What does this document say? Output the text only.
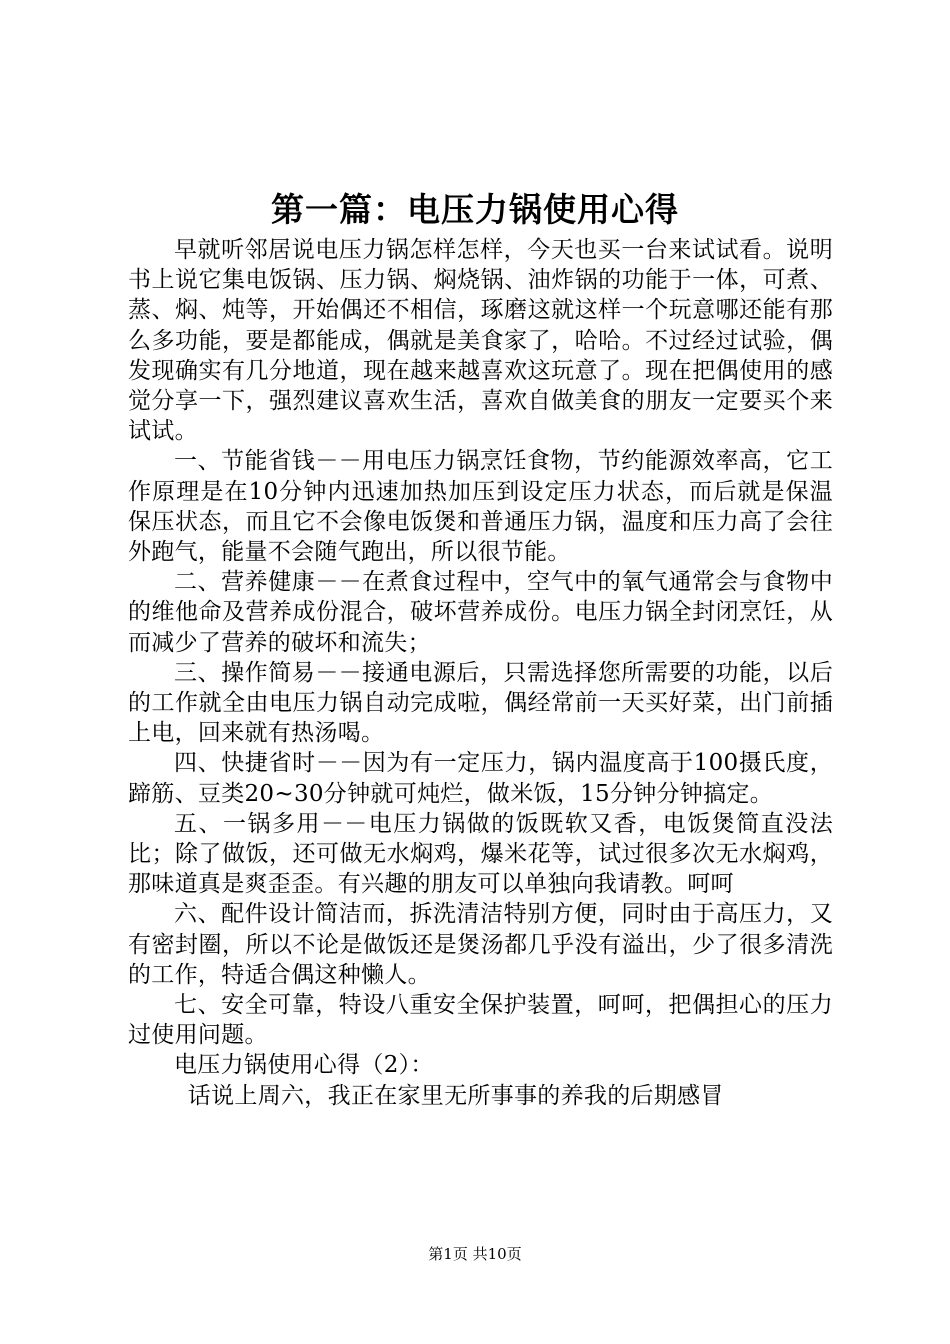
第一篇：电压力锅使用心得

早就听邻居说电压力锅怎样怎样，今天也买一台来试试看。说明书上说它集电饭锅、压力锅、焖烧锅、油炸锅的功能于一体，可煮、蒸、焖、炖等，开始偶还不相信，琢磨这就这样一个玩意哪还能有那么多功能，要是都能成，偶就是美食家了，哈哈。不过经过试验，偶发现确实有几分地道，现在越来越喜欢这玩意了。现在把偶使用的感觉分享一下，强烈建议喜欢生活，喜欢自做美食的朋友一定要买个来试试。

一、节能省钱－－用电压力锅烹饪食物，节约能源效率高，它工作原理是在10分钟内迅速加热加压到设定压力状态，而后就是保温保压状态，而且它不会像电饭煲和普通压力锅，温度和压力高了会往外跑气，能量不会随气跑出，所以很节能。

二、营养健康－－在煮食过程中，空气中的氧气通常会与食物中的维他命及营养成份混合，破坏营养成份。电压力锅全封闭烹饪，从而减少了营养的破坏和流失；

三、操作简易－－接通电源后，只需选择您所需要的功能，以后的工作就全由电压力锅自动完成啦，偶经常前一天买好菜，出门前插上电，回来就有热汤喝。

四、快捷省时－－因为有一定压力，锅内温度高于100摄氏度，蹄筋、豆类20~30分钟就可炖烂，做米饭，15分钟分钟搞定。

五、一锅多用－－电压力锅做的饭既软又香，电饭煲简直没法比；除了做饭，还可做无水焖鸡，爆米花等，试过很多次无水焖鸡，那味道真是爽歪歪。有兴趣的朋友可以单独向我请教。呵呵

六、配件设计简洁而，拆洗清洁特别方便，同时由于高压力，又有密封圈，所以不论是做饭还是煲汤都几乎没有溢出，少了很多清洗的工作，特适合偶这种懒人。

七、安全可靠，特设八重安全保护装置，呵呵，把偶担心的压力过使用问题。

电压力锅使用心得（2）：

话说上周六，我正在家里无所事事的养我的后期感冒

第1页 共10页
